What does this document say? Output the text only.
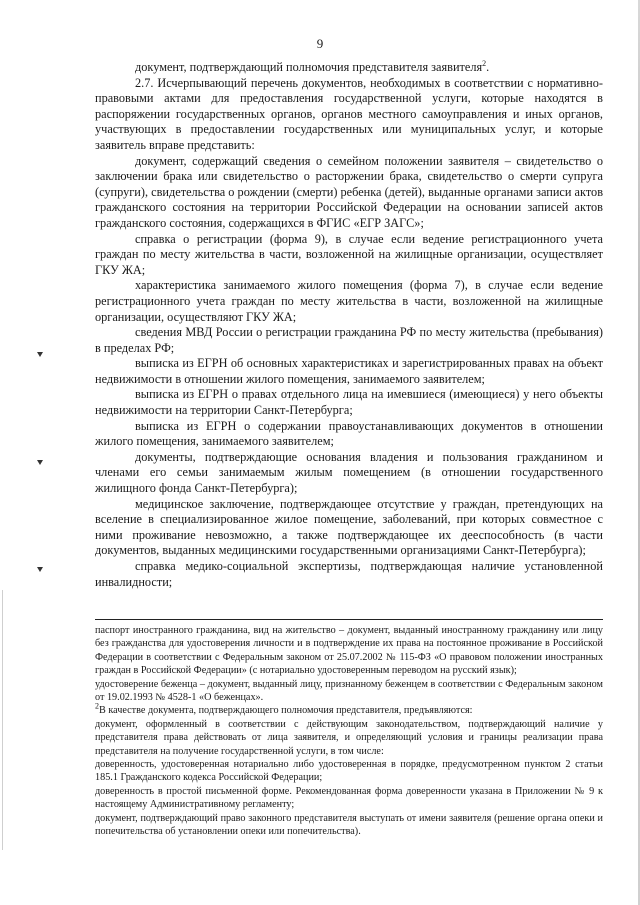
9

документ, подтверждающий полномочия представителя заявителя$^2$.

2.7. Исчерпывающий перечень документов, необходимых в соответствии с нормативно-правовыми актами для предоставления государственной услуги, которые находятся в распоряжении государственных органов, органов местного самоуправления и иных органов, участвующих в предоставлении государственных или муниципальных услуг, и которые заявитель вправе представить:

документ, содержащий сведения о семейном положении заявителя – свидетельство о заключении брака или свидетельство о расторжении брака, свидетельство о смерти супруга (супруги), свидетельства о рождении (смерти) ребенка (детей), выданные органами записи актов гражданского состояния на территории Российской Федерации на основании записей актов гражданского состояния, содержащихся в ФГИС «ЕГР ЗАГС»;

справка о регистрации (форма 9), в случае если ведение регистрационного учета граждан по месту жительства в части, возложенной на жилищные организации, осуществляет ГКУ ЖА;

характеристика занимаемого жилого помещения (форма 7), в случае если ведение регистрационного учета граждан по месту жительства в части, возложенной на жилищные организации, осуществляют ГКУ ЖА;

сведения МВД России о регистрации гражданина РФ по месту жительства (пребывания) в пределах РФ;

выписка из ЕГРН об основных характеристиках и зарегистрированных правах на объект недвижимости в отношении жилого помещения, занимаемого заявителем;

выписка из ЕГРН о правах отдельного лица на имевшиеся (имеющиеся) у него объекты недвижимости на территории Санкт-Петербурга;

выписка из ЕГРН о содержании правоустанавливающих документов в отношении жилого помещения, занимаемого заявителем;

документы, подтверждающие основания владения и пользования гражданином и членами его семьи занимаемым жилым помещением (в отношении государственного жилищного фонда Санкт-Петербурга);

медицинское заключение, подтверждающее отсутствие у граждан, претендующих на вселение в специализированное жилое помещение, заболеваний, при которых совместное с ними проживание невозможно, а также подтверждающее их дееспособность (в части документов, выданных медицинскими государственными организациями Санкт-Петербурга);

справка медико-социальной экспертизы, подтверждающая наличие установленной инвалидности;

паспорт иностранного гражданина, вид на жительство – документ, выданный иностранному гражданину или лицу без гражданства для удостоверения личности и в подтверждение их права на постоянное проживание в Российской Федерации в соответствии с Федеральным законом от 25.07.2002 № 115-ФЗ «О правовом положении иностранных граждан в Российской Федерации» (с нотариально удостоверенным переводом на русский язык);

удостоверение беженца – документ, выданный лицу, признанному беженцем в соответствии с Федеральным законом от 19.02.1993 № 4528-1 «О беженцах».

$^2$В качестве документа, подтверждающего полномочия представителя, предъявляются:

документ, оформленный в соответствии с действующим законодательством, подтверждающий наличие у представителя права действовать от лица заявителя, и определяющий условия и границы реализации права представителя на получение государственной услуги, в том числе:

доверенность, удостоверенная нотариально либо удостоверенная в порядке, предусмотренном пунктом 2 статьи 185.1 Гражданского кодекса Российской Федерации;

доверенность в простой письменной форме. Рекомендованная форма доверенности указана в Приложении № 9 к настоящему Административному регламенту;

документ, подтверждающий право законного представителя выступать от имени заявителя (решение органа опеки и попечительства об установлении опеки или попечительства).
